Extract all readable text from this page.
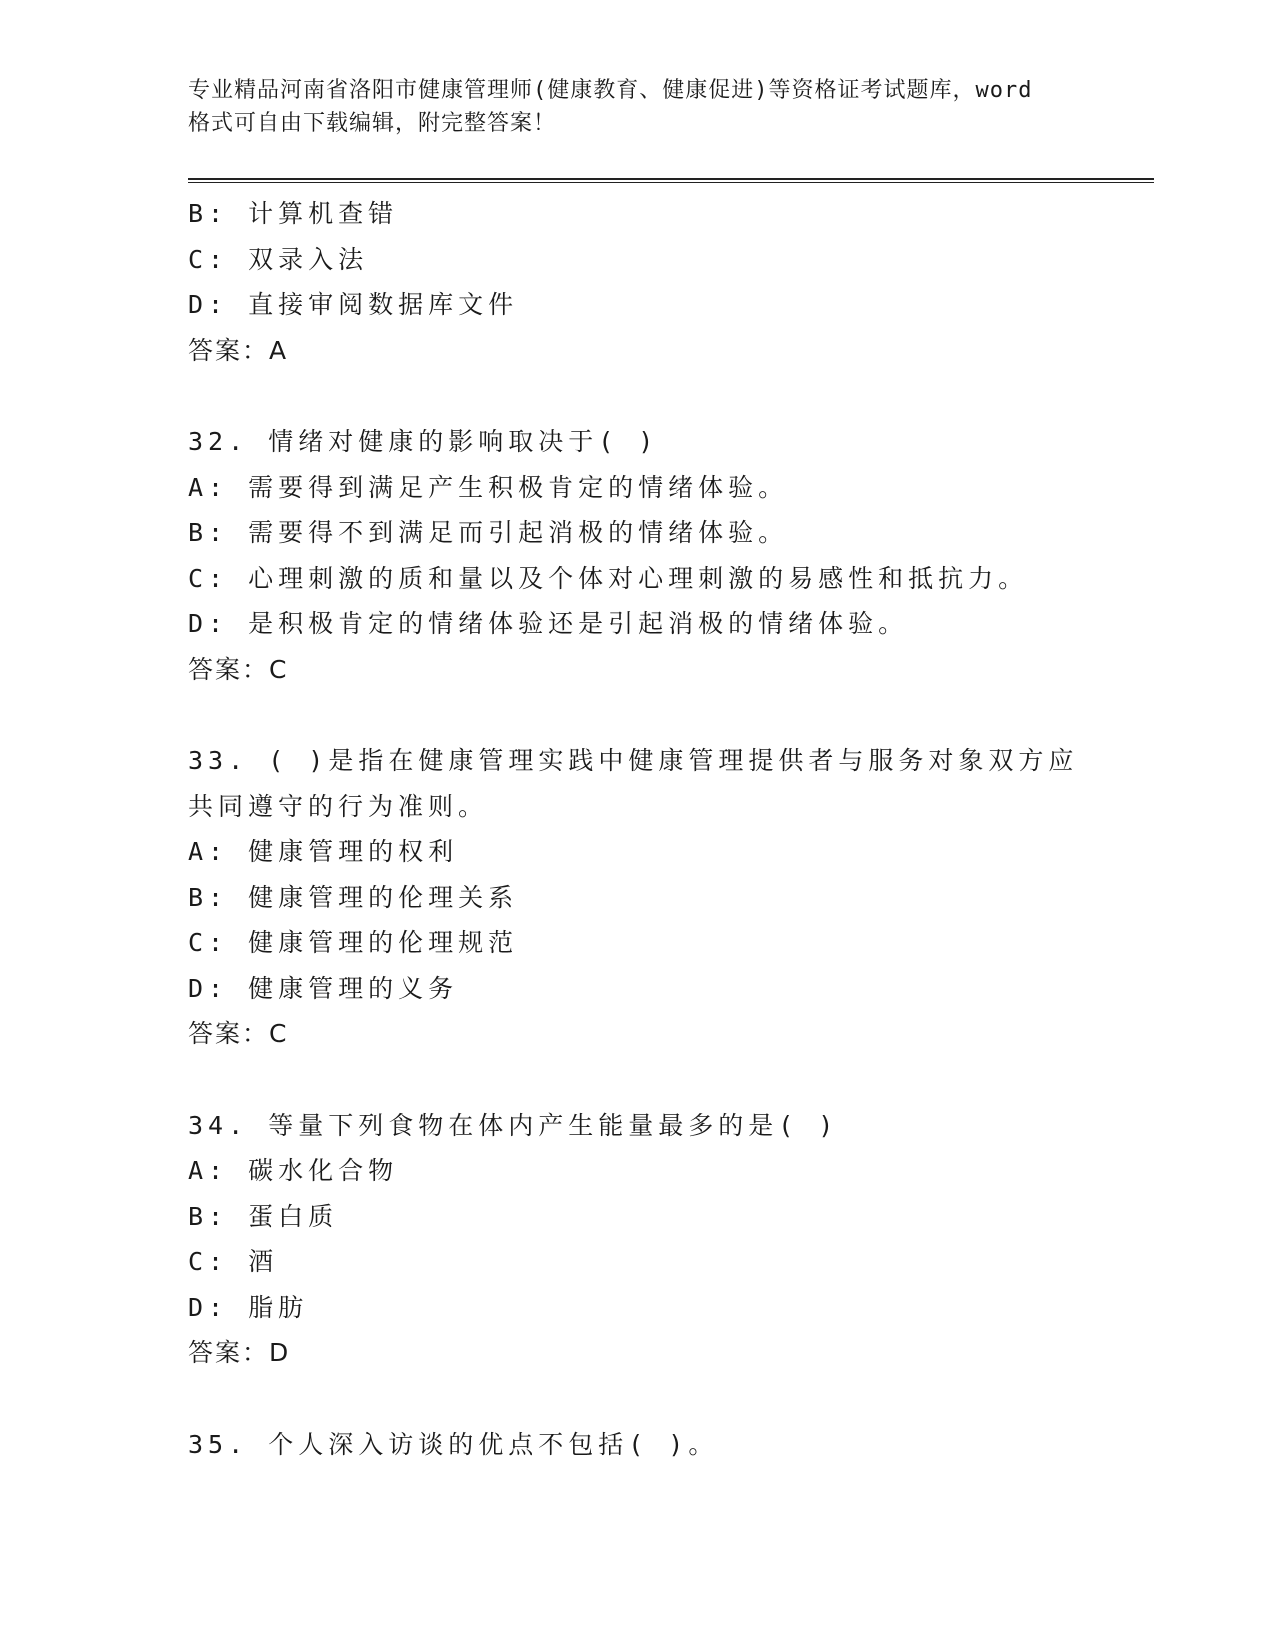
专业精品河南省洛阳市健康管理师(健康教育、健康促进)等资格证考试题库，word
格式可自由下载编辑，附完整答案！
B: 计算机查错
C: 双录入法
D: 直接审阅数据库文件
答案：A
32. 情绪对健康的影响取决于( )
A: 需要得到满足产生积极肯定的情绪体验。
B: 需要得不到满足而引起消极的情绪体验。
C: 心理刺激的质和量以及个体对心理刺激的易感性和抵抗力。
D: 是积极肯定的情绪体验还是引起消极的情绪体验。
答案：C
33. ( )是指在健康管理实践中健康管理提供者与服务对象双方应
共同遵守的行为准则。
A: 健康管理的权利
B: 健康管理的伦理关系
C: 健康管理的伦理规范
D: 健康管理的义务
答案：C
34. 等量下列食物在体内产生能量最多的是( )
A: 碳水化合物
B: 蛋白质
C: 酒
D: 脂肪
答案：D
35. 个人深入访谈的优点不包括( )。
